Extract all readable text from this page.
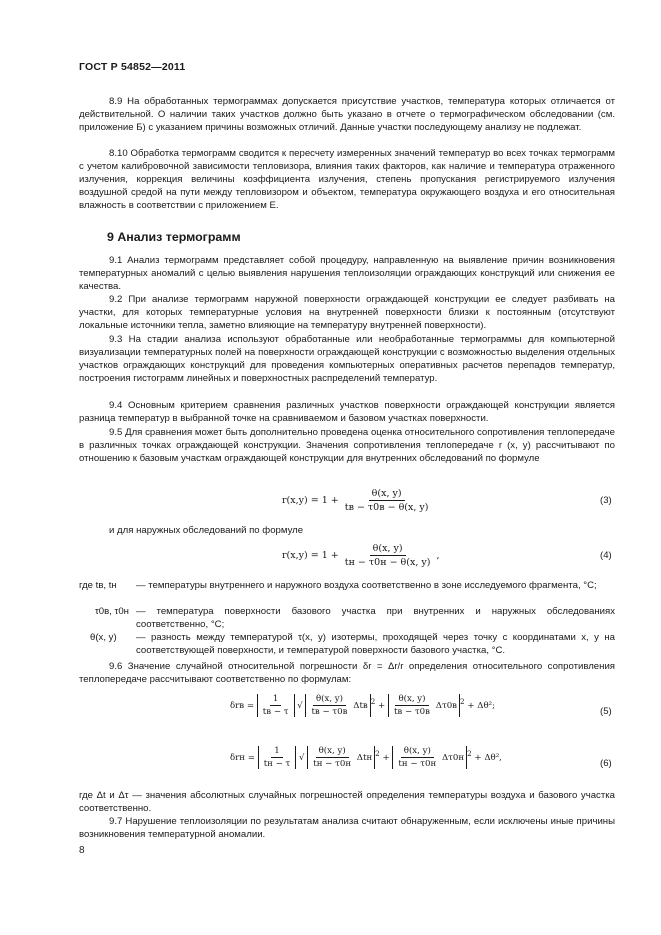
ГОСТ Р 54852—2011
8.9 На обработанных термограммах допускается присутствие участков, температура которых отличается от действительной. О наличии таких участков должно быть указано в отчете о термографическом обследовании (см. приложение Б) с указанием причины возможных отличий. Данные участки последующему анализу не подлежат.
8.10 Обработка термограмм сводится к пересчету измеренных значений температур во всех точках термограмм с учетом калибровочной зависимости тепловизора, влияния таких факторов, как наличие и температура отраженного излучения, коррекция величины коэффициента излучения, степень пропускания регистрируемого излучения воздушной средой на пути между тепловизором и объектом, температура окружающего воздуха и его относительная влажность в соответствии с приложением Е.
9 Анализ термограмм
9.1 Анализ термограмм представляет собой процедуру, направленную на выявление причин возникновения температурных аномалий с целью выявления нарушения теплоизоляции ограждающих конструкций или снижения ее качества.
9.2 При анализе термограмм наружной поверхности ограждающей конструкции ее следует разбивать на участки, для которых температурные условия на внутренней поверхности близки к постоянным (отсутствуют локальные источники тепла, заметно влияющие на температуру внутренней поверхности).
9.3 На стадии анализа используют обработанные или необработанные термограммы для компьютерной визуализации температурных полей на поверхности ограждающей конструкции с возможностью выделения отдельных участков ограждающих конструкций для проведения компьютерных оперативных расчетов перепадов температур, построения гистограмм линейных и поверхностных распределений температур.
9.4 Основным критерием сравнения различных участков поверхности ограждающей конструкции является разница температур в выбранной точке на сравниваемом и базовом участках поверхности.
9.5 Для сравнения может быть дополнительно проведена оценка относительного сопротивления теплопередаче в различных точках ограждающей конструкции. Значения сопротивления теплопередаче r (x, y) рассчитывают по отношению к базовым участкам ограждающей конструкции для внутренних обследований по формуле
$r(x,y) = 1 + \frac{\theta(x, y)}{tв - \tau 0в - \theta(x, y)}$	(3)
и для наружных обследований по формуле
$r(x,y) = 1 + \frac{\theta(x, y)}{tн - \tau 0н - \theta(x, y)}$ ,	(4)
где tв, tн	— температуры внутреннего и наружного воздуха соответственно в зоне исследуемого фрагмента, °C;
τ0в, τ0н — температура поверхности базового участка при внутренних и наружных обследованиях соответственно, °C;
θ(x, y) — разность между температурой τ(x, y) изотермы, проходящей через точку с координатами x, y на соответствующей поверхности, и температурой поверхности базового участка, °C.
9.6 Значение случайной относительной погрешности δr = Δr/r определения относительного сопротивления теплопередаче рассчитывают соответственно по формулам:
$\delta rв = \frac{1}{tв - \tau}$ √ $\frac{\theta(x, y)}{tв - \tau 0в}$ Δtв $^2 + \frac{\theta(x, y)}{tв - \tau 0в} \Delta\tau 0в$ $^2$ + Δθ²;	(5)
$\delta rн = \frac{1}{tн - \tau}$ √ $\frac{\theta(x, y)}{tн - \tau 0н}$ Δtн $^2 + \frac{\theta(x, y)}{tн - \tau 0н} \Delta\tau 0н$ $^2$ + Δθ²,	(6)
где Δt и Δτ — значения абсолютных случайных погрешностей определения температуры воздуха и базового участка соответственно.
9.7 Нарушение теплоизоляции по результатам анализа считают обнаруженным, если исключены иные причины возникновения температурной аномалии.
8
